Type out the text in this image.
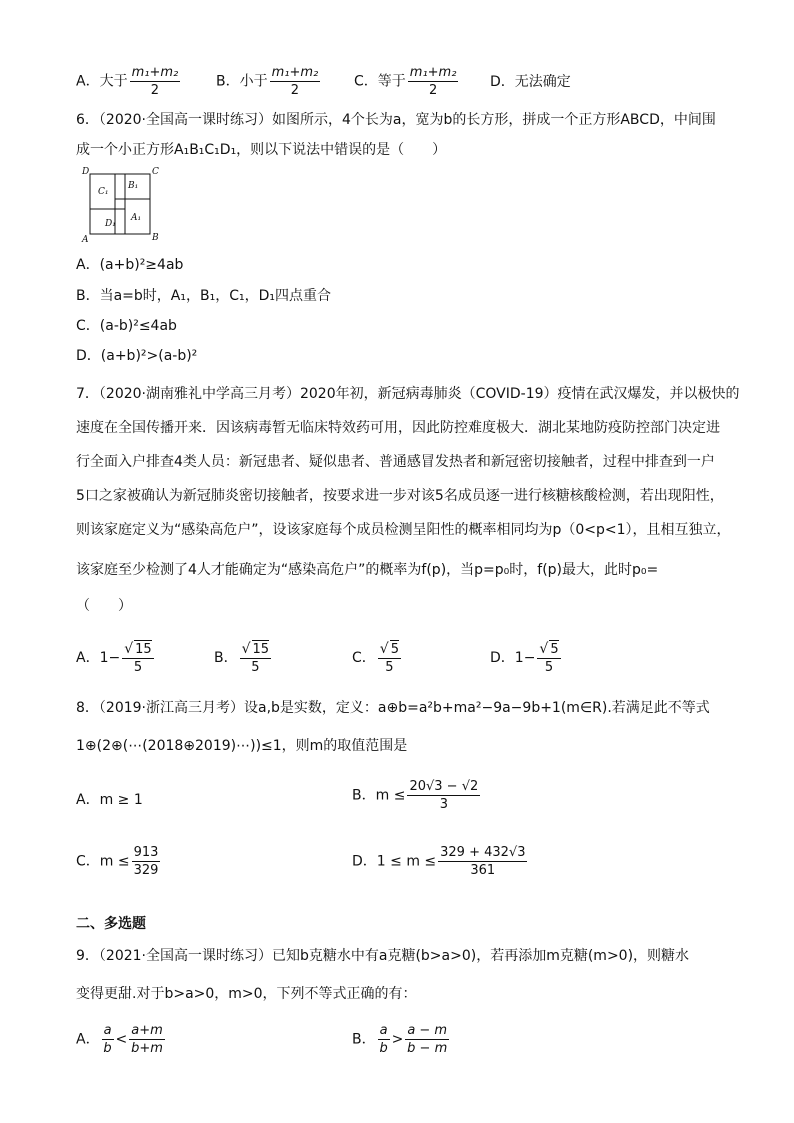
A．大于 $\frac{\text{m₁+m₂}}{2}$	B．小于 $\frac{\text{m₁+m₂}}{2}$ C．等于 $\frac{\text{m₁+m₂}}{2}$ D．无法确定
6．（2020·全国高一课时练习）如图所示，4个长为a，宽为b的长方形，拼成一个正方形ABCD，中间围
成一个小正方形A₁B₁C₁D₁，则以下说法中错误的是（　　）
D	C
A	B
C₁
B₁
D₁
A₁
A．(a+b)²≥4ab
B．当a=b时，A₁，B₁，C₁，D₁四点重合
C．(a-b)²≤4ab
D．(a+b)²>(a-b)²
7．（2020·湖南雅礼中学高三月考）2020年初，新冠病毒肺炎（COVID-19）疫情在武汉爆发，并以极快的
速度在全国传播开来．因该病毒暂无临床特效药可用，因此防控难度极大．湖北某地防疫防控部门决定进
行全面入户排查4类人员：新冠患者、疑似患者、普通感冒发热者和新冠密切接触者，过程中排查到一户
5口之家被确认为新冠肺炎密切接触者，按要求进一步对该5名成员逐一进行核糖核酸检测，若出现阳性，
则该家庭定义为“感染高危户”，设该家庭每个成员检测呈阳性的概率相同均为p（0<p<1），且相互独立，
该家庭至少检测了4人才能确定为“感染高危户”的概率为f(p)，当p=p₀时，f(p)最大，此时p₀=
（　　）
A．$1- \frac{√ 15}{5}$	B． $\frac{√ 15}{5}$	C． $\frac{√ 5}{5}$	D．$1- \frac{√ 5}{5}$
8．（2019·浙江高三月考）设a,b是实数，定义：a⊕b=a²b+ma²−9a−9b+1(m∈R).若满足此不等式
1⊕(2⊕(⋯(2018⊕2019)⋯))≤1，则m的取值范围是
A．m ≥ 1	B．$m \le \frac{20√3 - √2}{3}$
C．$m \le \frac{913}{329}$	D．$1 \le m \le \frac{329 + 432√3}{361}$
二、多选题
9．（2021·全国高一课时练习）已知b克糖水中有a克糖(b>a>0)，若再添加m克糖(m>0)，则糖水
变得更甜.对于b>a>0，m>0，下列不等式正确的有：
A． $\frac{a}{b} < \frac{a+m}{b+m}$	B． $\frac{a}{b} > \frac{a - m}{b - m}$
